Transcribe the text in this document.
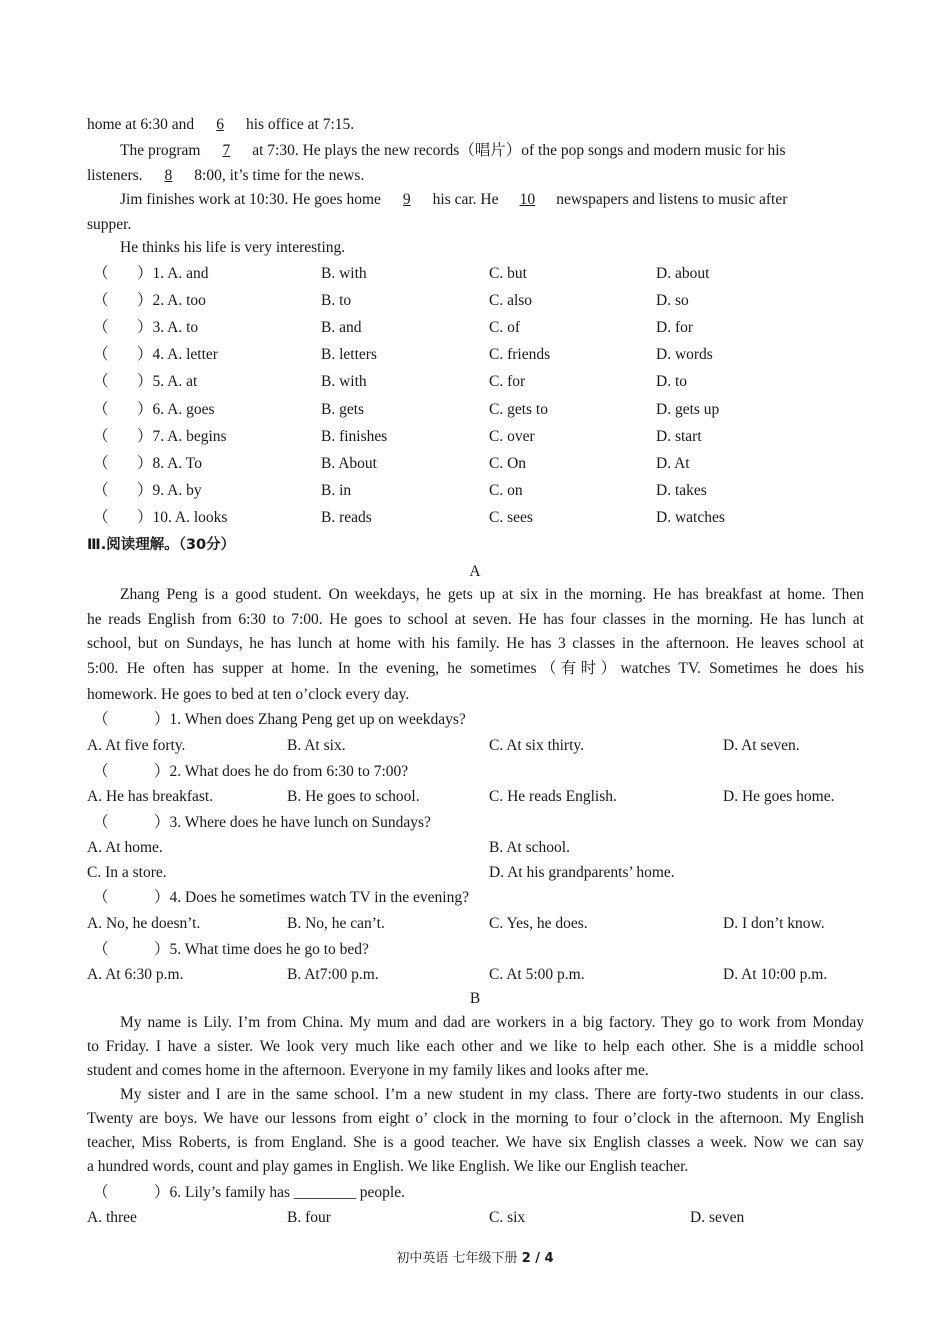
home at 6:30 and 6 his office at 7:15.
The program 7 at 7:30. He plays the new records（唱片）of the pop songs and modern music for his
listeners. 8 8:00, it’s time for the news.
Jim finishes work at 10:30. He goes home 9 his car. He 10 newspapers and listens to music after
supper.
He thinks his life is very interesting.
（ ）1. A. and	B. with	C. but	D. about
（ ）2. A. too	B. to	C. also	D. so
（ ）3. A. to	B. and	C. of	D. for
（ ）4. A. letter	B. letters	C. friends	D. words
（ ）5. A. at	B. with	C. for	D. to
（ ）6. A. goes	B. gets	C. gets to	D. gets up
（ ）7. A. begins	B. finishes	C. over	D. start
（ ）8. A. To	B. About	C. On	D. At
（ ）9. A. by	B. in	C. on	D. takes
（ ）10. A. looks	B. reads	C. sees	D. watches
Ⅲ.阅读理解。（30分）
A
Zhang Peng is a good student. On weekdays, he gets up at six in the morning. He has breakfast at home. Then
he reads English from 6:30 to 7:00. He goes to school at seven. He has four classes in the morning. He has lunch at
school, but on Sundays, he has lunch at home with his family. He has 3 classes in the afternoon. He leaves school at
5:00. He often has supper at home. In the evening, he sometimes（有时）watches TV. Sometimes he does his
homework. He goes to bed at ten o’clock every day.
（	）1. When does Zhang Peng get up on weekdays?
A. At five forty.	B. At six.	C. At six thirty.	D. At seven.
（	）2. What does he do from 6:30 to 7:00?
A. He has breakfast.	B. He goes to school.	C. He reads English.	D. He goes home.
（	）3. Where does he have lunch on Sundays?
A. At home.	B. At school.
C. In a store.	D. At his grandparents’ home.
（	）4. Does he sometimes watch TV in the evening?
A. No, he doesn’t.	B. No, he can’t.	C. Yes, he does.	D. I don’t know.
（	）5. What time does he go to bed?
A. At 6:30 p.m.	B. At7:00 p.m.	C. At 5:00 p.m.	D. At 10:00 p.m.
B
My name is Lily. I’m from China. My mum and dad are workers in a big factory. They go to work from Monday
to Friday. I have a sister. We look very much like each other and we like to help each other. She is a middle school
student and comes home in the afternoon. Everyone in my family likes and looks after me.
My sister and I are in the same school. I’m a new student in my class. There are forty-two students in our class.
Twenty are boys. We have our lessons from eight o’ clock in the morning to four o’clock in the afternoon. My English
teacher, Miss Roberts, is from England. She is a good teacher. We have six English classes a week. Now we can say
a hundred words, count and play games in English. We like English. We like our English teacher.
（	）6. Lily’s family has ________ people.
A. three	B. four	C. six	D. seven
初中英语 七年级下册 2 / 4
